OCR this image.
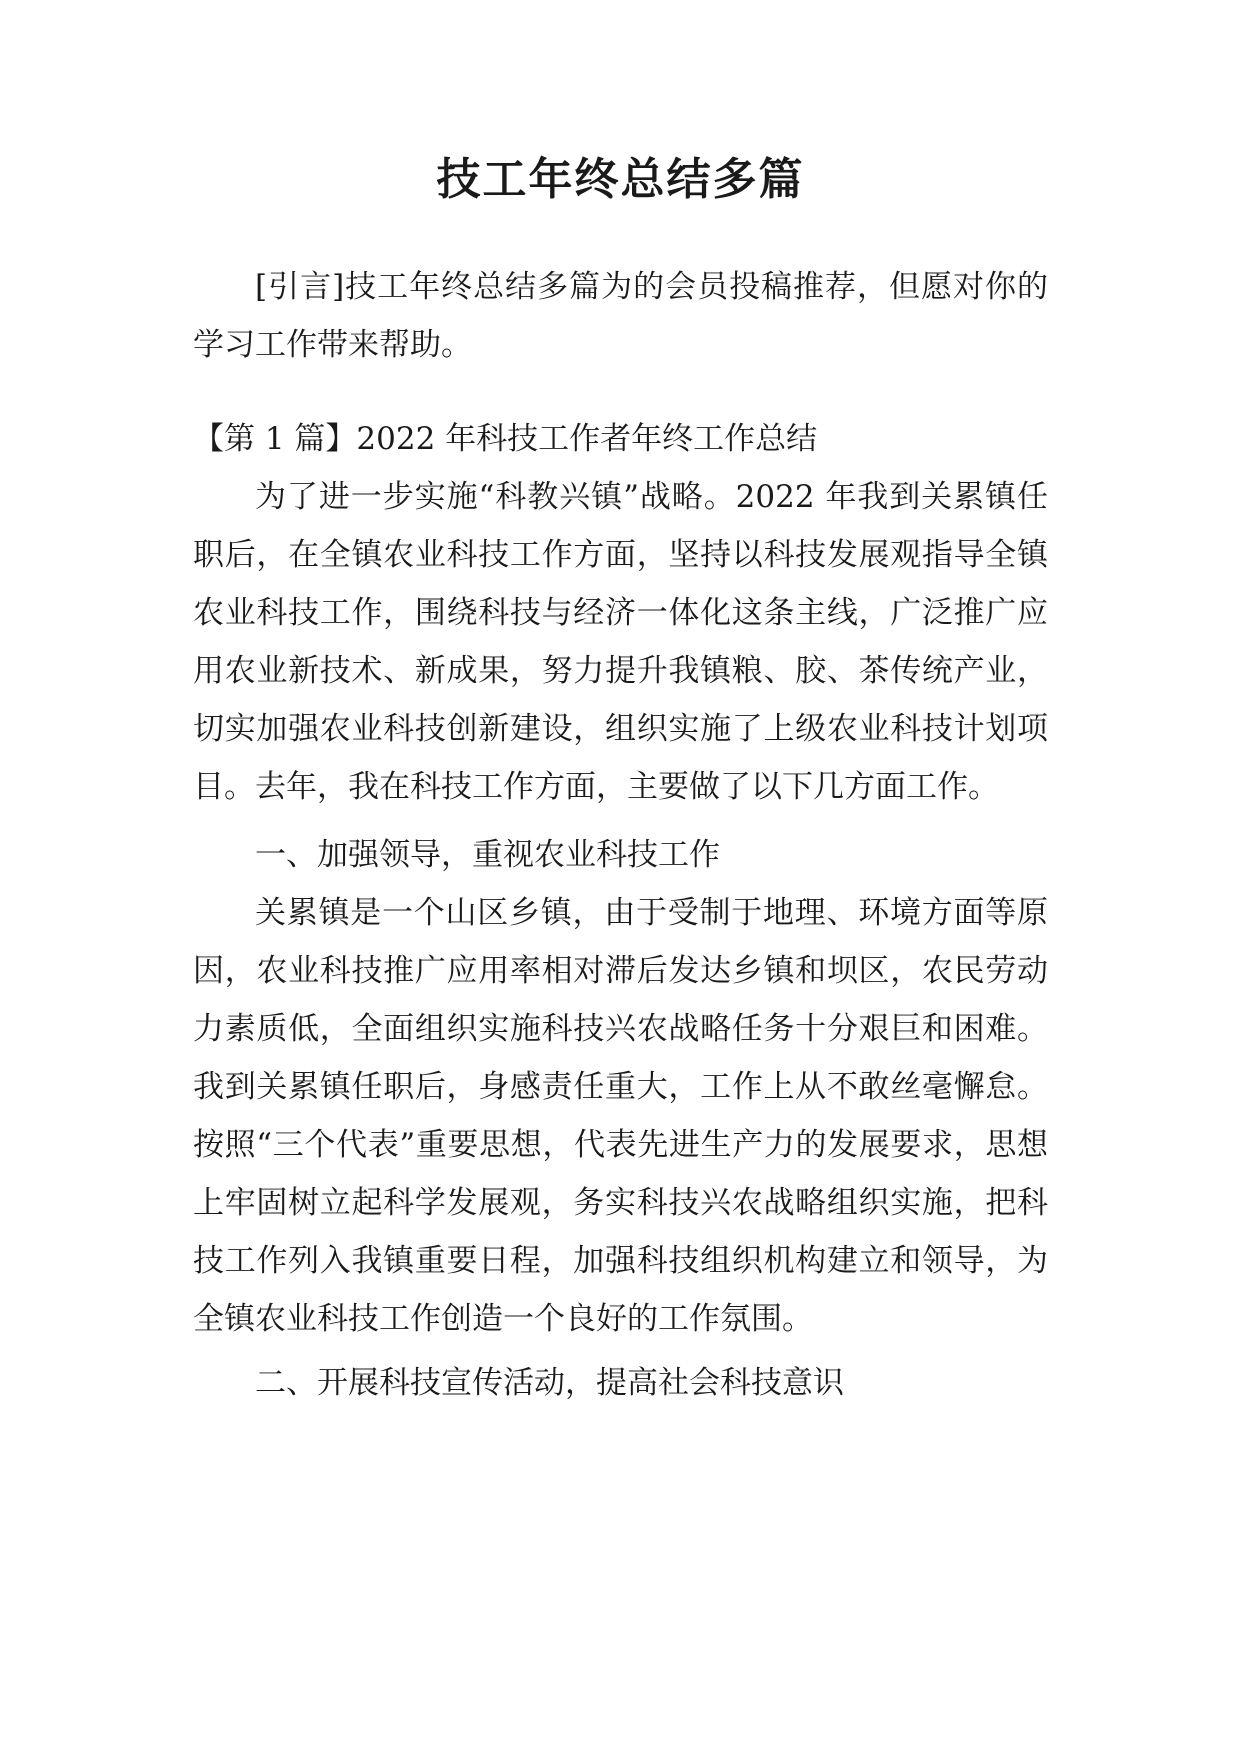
技工年终总结多篇
[引言]技工年终总结多篇为的会员投稿推荐，但愿对你的学习工作带来帮助。
【第 1 篇】2022 年科技工作者年终工作总结
为了进一步实施“科教兴镇”战略。2022 年我到关累镇任职后，在全镇农业科技工作方面，坚持以科技发展观指导全镇农业科技工作，围绕科技与经济一体化这条主线，广泛推广应用农业新技术、新成果，努力提升我镇粮、胶、茶传统产业，切实加强农业科技创新建设，组织实施了上级农业科技计划项目。去年，我在科技工作方面，主要做了以下几方面工作。
一、加强领导，重视农业科技工作
关累镇是一个山区乡镇，由于受制于地理、环境方面等原因，农业科技推广应用率相对滞后发达乡镇和坝区，农民劳动力素质低，全面组织实施科技兴农战略任务十分艰巨和困难。我到关累镇任职后，身感责任重大，工作上从不敢丝毫懈怠。按照“三个代表”重要思想，代表先进生产力的发展要求，思想上牢固树立起科学发展观，务实科技兴农战略组织实施，把科技工作列入我镇重要日程，加强科技组织机构建立和领导，为全镇农业科技工作创造一个良好的工作氛围。
二、开展科技宣传活动，提高社会科技意识
